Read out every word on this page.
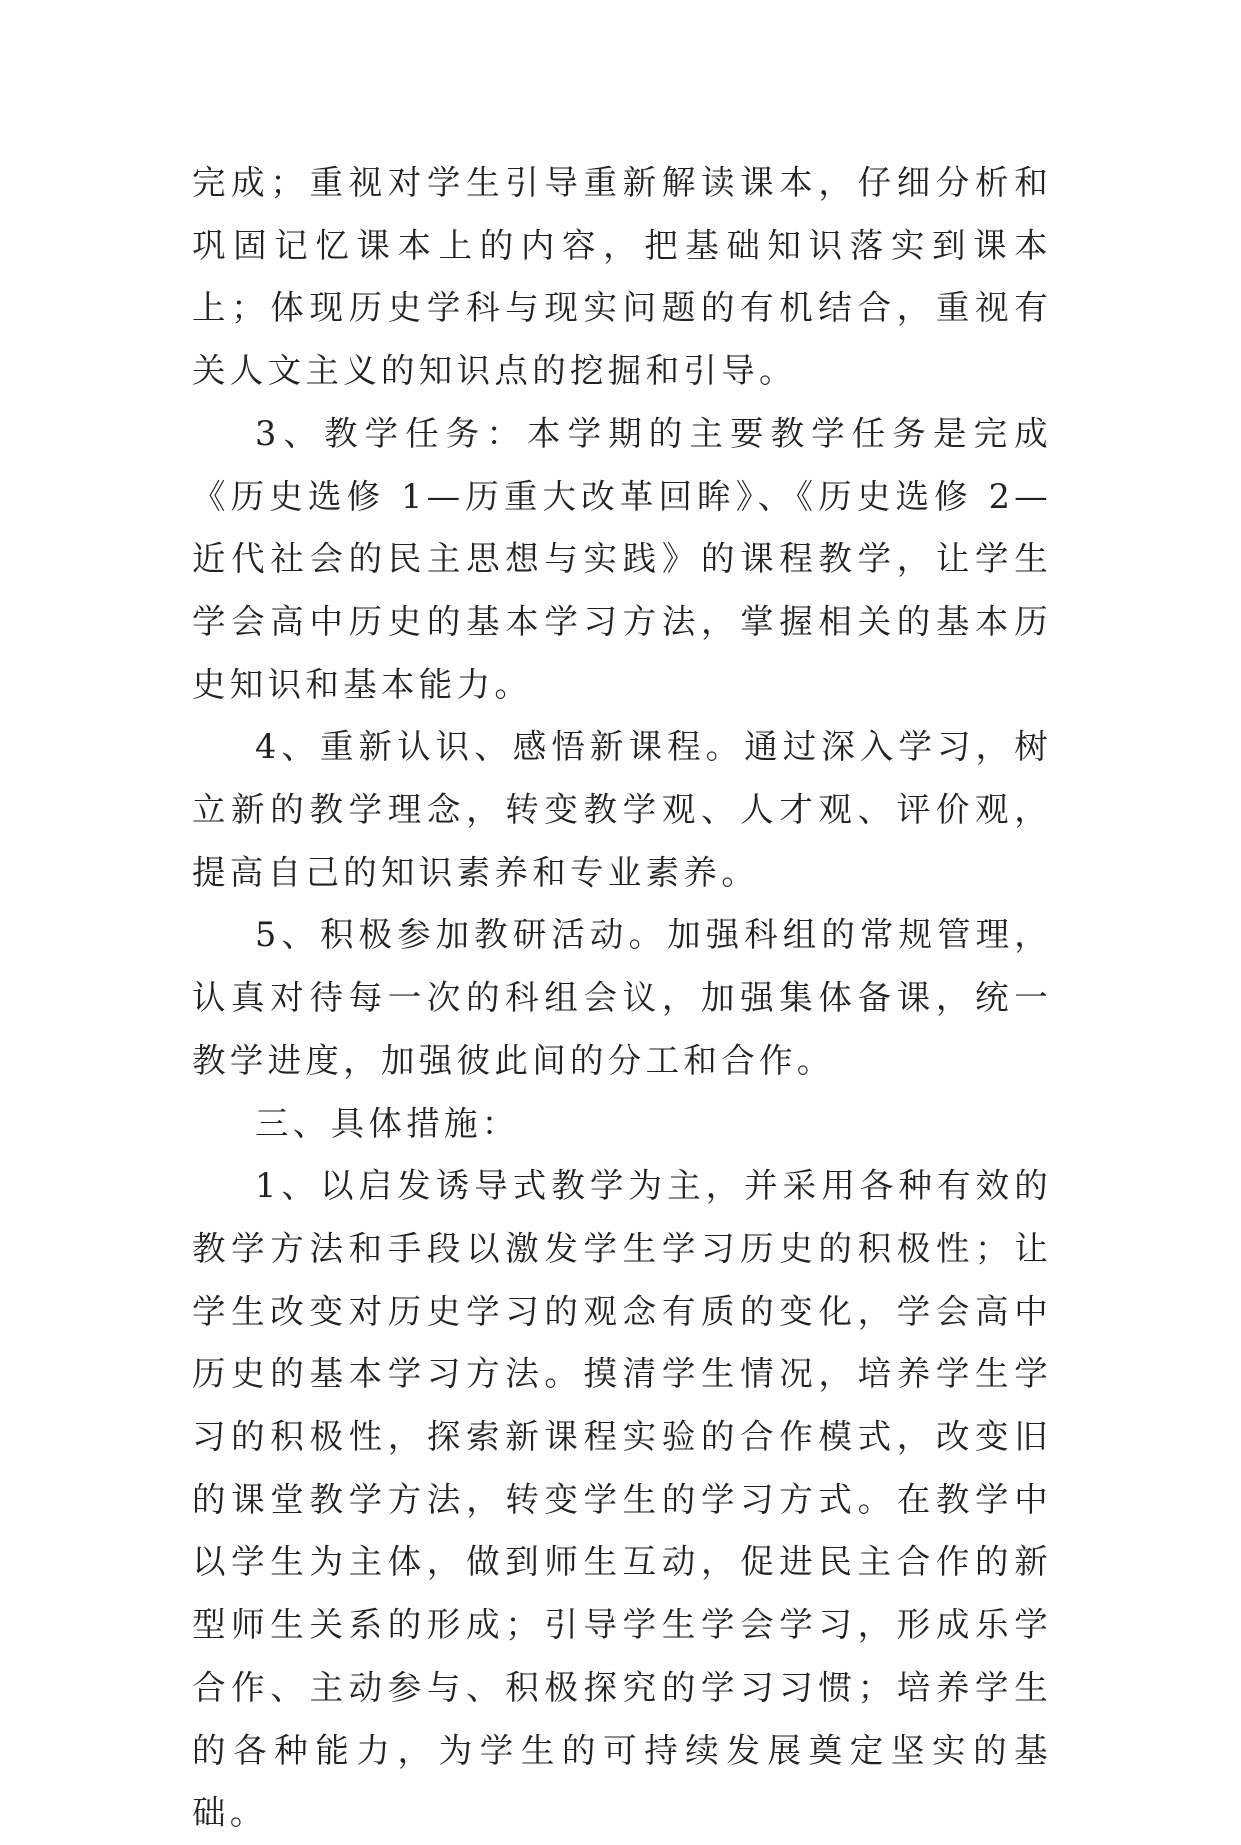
完成；重视对学生引导重新解读课本，仔细分析和巩固记忆课本上的内容，把基础知识落实到课本上；体现历史学科与现实问题的有机结合，重视有关人文主义的知识点的挖掘和引导。

3、教学任务：本学期的主要教学任务是完成《历史选修 1—历重大改革回眸》、《历史选修 2—近代社会的民主思想与实践》的课程教学，让学生学会高中历史的基本学习方法，掌握相关的基本历史知识和基本能力。

4、重新认识、感悟新课程。通过深入学习，树立新的教学理念，转变教学观、人才观、评价观，提高自己的知识素养和专业素养。

5、积极参加教研活动。加强科组的常规管理，认真对待每一次的科组会议，加强集体备课，统一教学进度，加强彼此间的分工和合作。

三、具体措施：

1、以启发诱导式教学为主，并采用各种有效的教学方法和手段以激发学生学习历史的积极性；让学生改变对历史学习的观念有质的变化，学会高中历史的基本学习方法。摸清学生情况，培养学生学习的积极性，探索新课程实验的合作模式，改变旧的课堂教学方法，转变学生的学习方式。在教学中以学生为主体，做到师生互动，促进民主合作的新型师生关系的形成；引导学生学会学习，形成乐学合作、主动参与、积极探究的学习习惯；培养学生的各种能力，为学生的可持续发展奠定坚实的基础。
